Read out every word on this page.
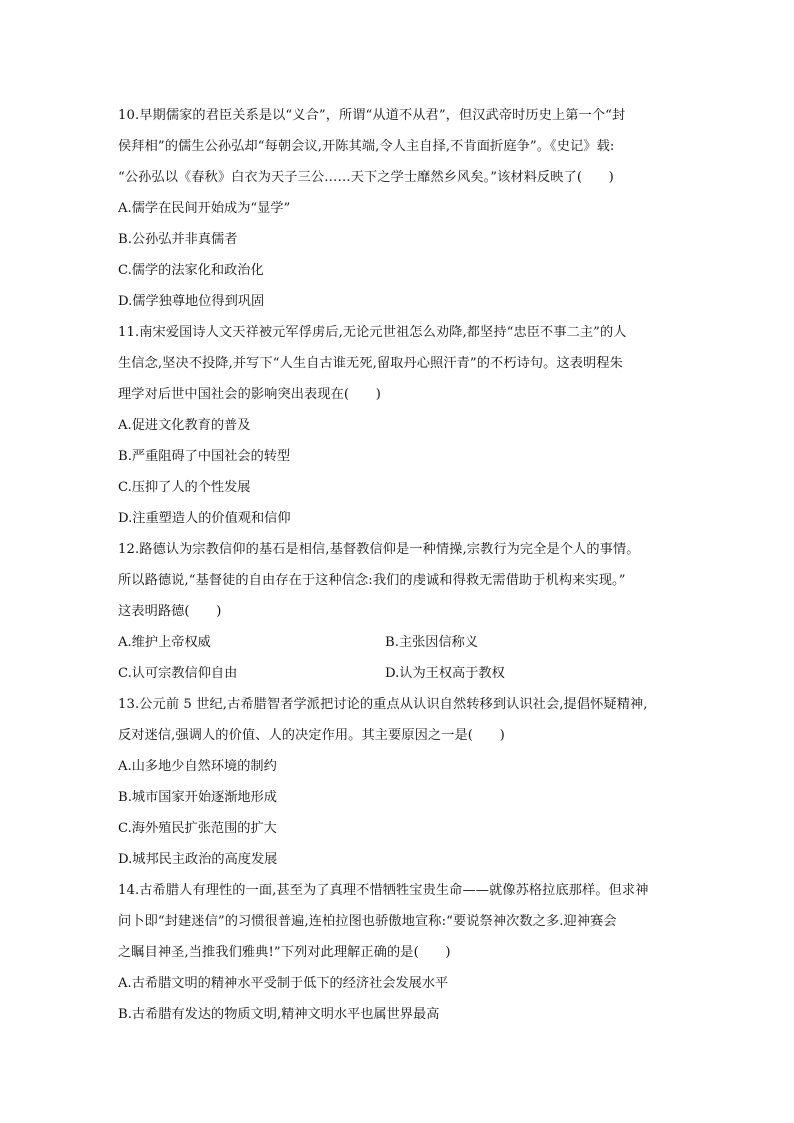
10.早期儒家的君臣关系是以“义合”，所谓“从道不从君”，但汉武帝时历史上第一个“封
侯拜相”的儒生公孙弘却“每朝会议,开陈其端,令人主自择,不肯面折庭争”。《史记》载:
“公孙弘以《春秋》白衣为天子三公……天下之学士靡然乡风矣。”该材料反映了(　　)
A.儒学在民间开始成为“显学”
B.公孙弘并非真儒者
C.儒学的法家化和政治化
D.儒学独尊地位得到巩固
11.南宋爱国诗人文天祥被元军俘虏后,无论元世祖怎么劝降,都坚持“忠臣不事二主”的人
生信念,坚决不投降,并写下“人生自古谁无死,留取丹心照汗青”的不朽诗句。这表明程朱
理学对后世中国社会的影响突出表现在(　　)
A.促进文化教育的普及
B.严重阻碍了中国社会的转型
C.压抑了人的个性发展
D.注重塑造人的价值观和信仰
12.路德认为宗教信仰的基石是相信,基督教信仰是一种情操,宗教行为完全是个人的事情。
所以路德说,“基督徒的自由存在于这种信念:我们的虔诚和得救无需借助于机构来实现。”
这表明路德(　　)
A.维护上帝权威	B.主张因信称义
C.认可宗教信仰自由	D.认为王权高于教权
13.公元前 5 世纪,古希腊智者学派把讨论的重点从认识自然转移到认识社会,提倡怀疑精神,
反对迷信,强调人的价值、人的决定作用。其主要原因之一是(　　)
A.山多地少自然环境的制约
B.城市国家开始逐渐地形成
C.海外殖民扩张范围的扩大
D.城邦民主政治的高度发展
14.古希腊人有理性的一面,甚至为了真理不惜牺牲宝贵生命——就像苏格拉底那样。但求神
问卜即“封建迷信”的习惯很普遍,连柏拉图也骄傲地宣称:“要说祭神次数之多.迎神赛会
之瞩目神圣,当推我们雅典!”下列对此理解正确的是(　　)
A.古希腊文明的精神水平受制于低下的经济社会发展水平
B.古希腊有发达的物质文明,精神文明水平也属世界最高
